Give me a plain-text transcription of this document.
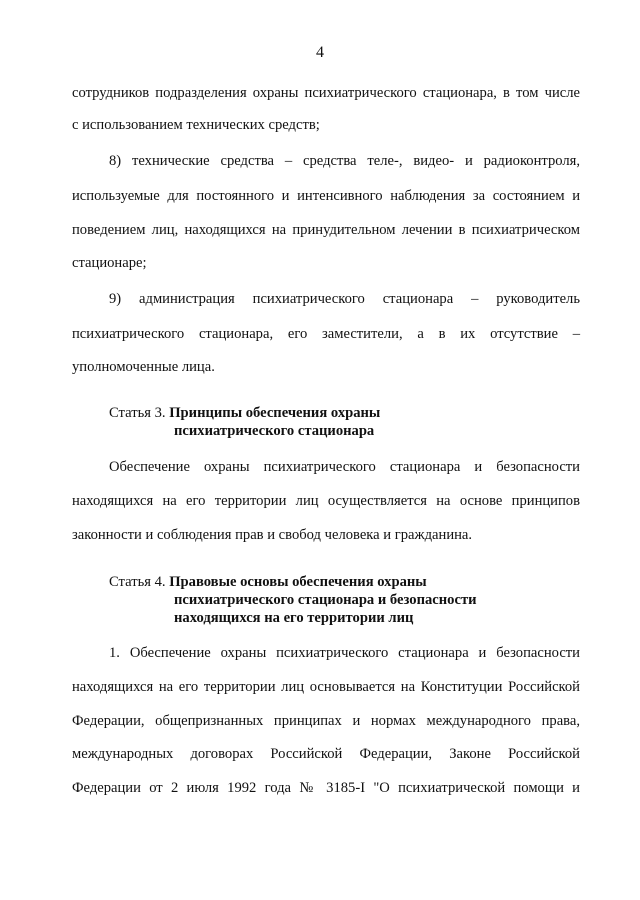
4
сотрудников подразделения охраны психиатрического стационара, в том числе
с использованием технических средств;
8) технические средства – средства теле-, видео- и радиоконтроля,
используемые для постоянного и интенсивного наблюдения за состоянием и
поведением лиц, находящихся на принудительном лечении в психиатрическом
стационаре;
9) администрация психиатрического стационара – руководитель
психиатрического стационара, его заместители, а в их отсутствие –
уполномоченные лица.
Статья 3. Принципы обеспечения охраны
психиатрического стационара
Обеспечение охраны психиатрического стационара и безопасности
находящихся на его территории лиц осуществляется на основе принципов
законности и соблюдения прав и свобод человека и гражданина.
Статья 4. Правовые основы обеспечения охраны
психиатрического стационара и безопасности
находящихся на его территории лиц
1. Обеспечение охраны психиатрического стационара и безопасности
находящихся на его территории лиц основывается на Конституции Российской
Федерации, общепризнанных принципах и нормах международного права,
международных договорах Российской Федерации, Законе Российской
Федерации от 2 июля 1992 года № 3185-I "О психиатрической помощи и
